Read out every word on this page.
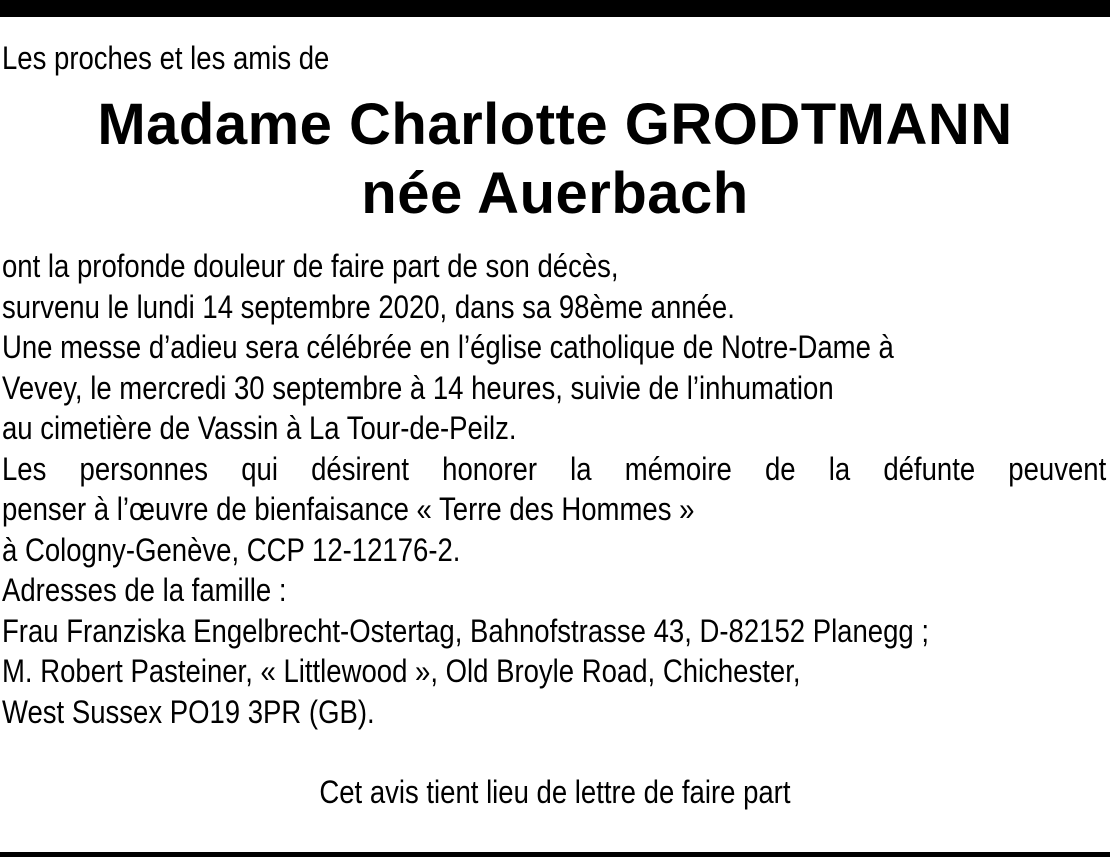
Les proches et les amis de
Madame Charlotte GRODTMANN
née Auerbach
ont la profonde douleur de faire part de son décès,
survenu le lundi 14 septembre 2020, dans sa 98ème année.
Une messe d’adieu sera célébrée en l’église catholique de Notre-Dame à
Vevey, le mercredi 30 septembre à 14 heures, suivie de l’inhumation
au cimetière de Vassin à La Tour-de-Peilz.
Les personnes qui désirent honorer la mémoire de la défunte peuvent
penser à l’œuvre de bienfaisance « Terre des Hommes »
à Cologny-Genève, CCP 12-12176-2.
Adresses de la famille :
Frau Franziska Engelbrecht-Ostertag, Bahnofstrasse 43, D-82152 Planegg ;
M. Robert Pasteiner, « Littlewood », Old Broyle Road, Chichester,
West Sussex PO19 3PR (GB).
Cet avis tient lieu de lettre de faire part
